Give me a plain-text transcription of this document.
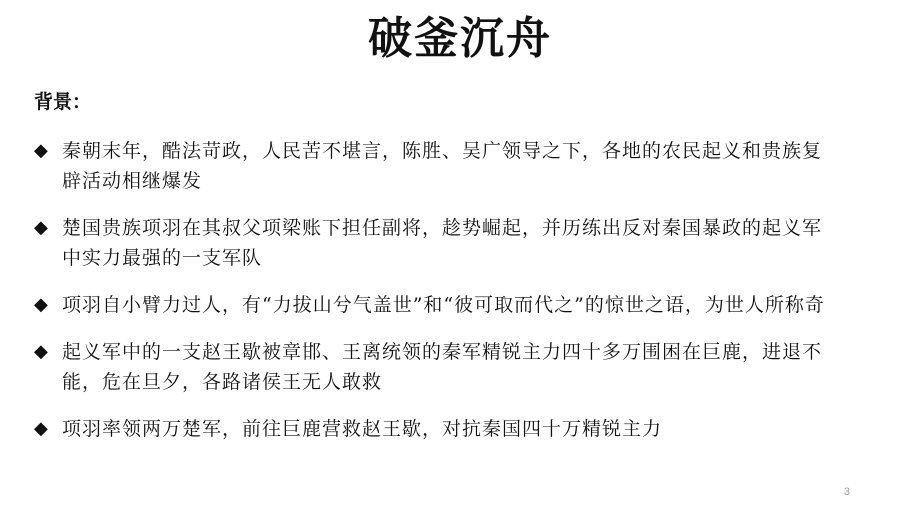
破釜沉舟
背景：
◆ 秦朝末年，酷法苛政，人民苦不堪言，陈胜、吴广领导之下，各地的农民起义和贵族复辟活动相继爆发
◆ 楚国贵族项羽在其叔父项梁账下担任副将，趁势崛起，并历练出反对秦国暴政的起义军中实力最强的一支军队
◆ 项羽自小臂力过人，有“力拔山兮气盖世”和“彼可取而代之”的惊世之语，为世人所称奇
◆ 起义军中的一支赵王歇被章邯、王离统领的秦军精锐主力四十多万围困在巨鹿，进退不能，危在旦夕，各路诸侯王无人敢救
◆ 项羽率领两万楚军，前往巨鹿营救赵王歇，对抗秦国四十万精锐主力
3
